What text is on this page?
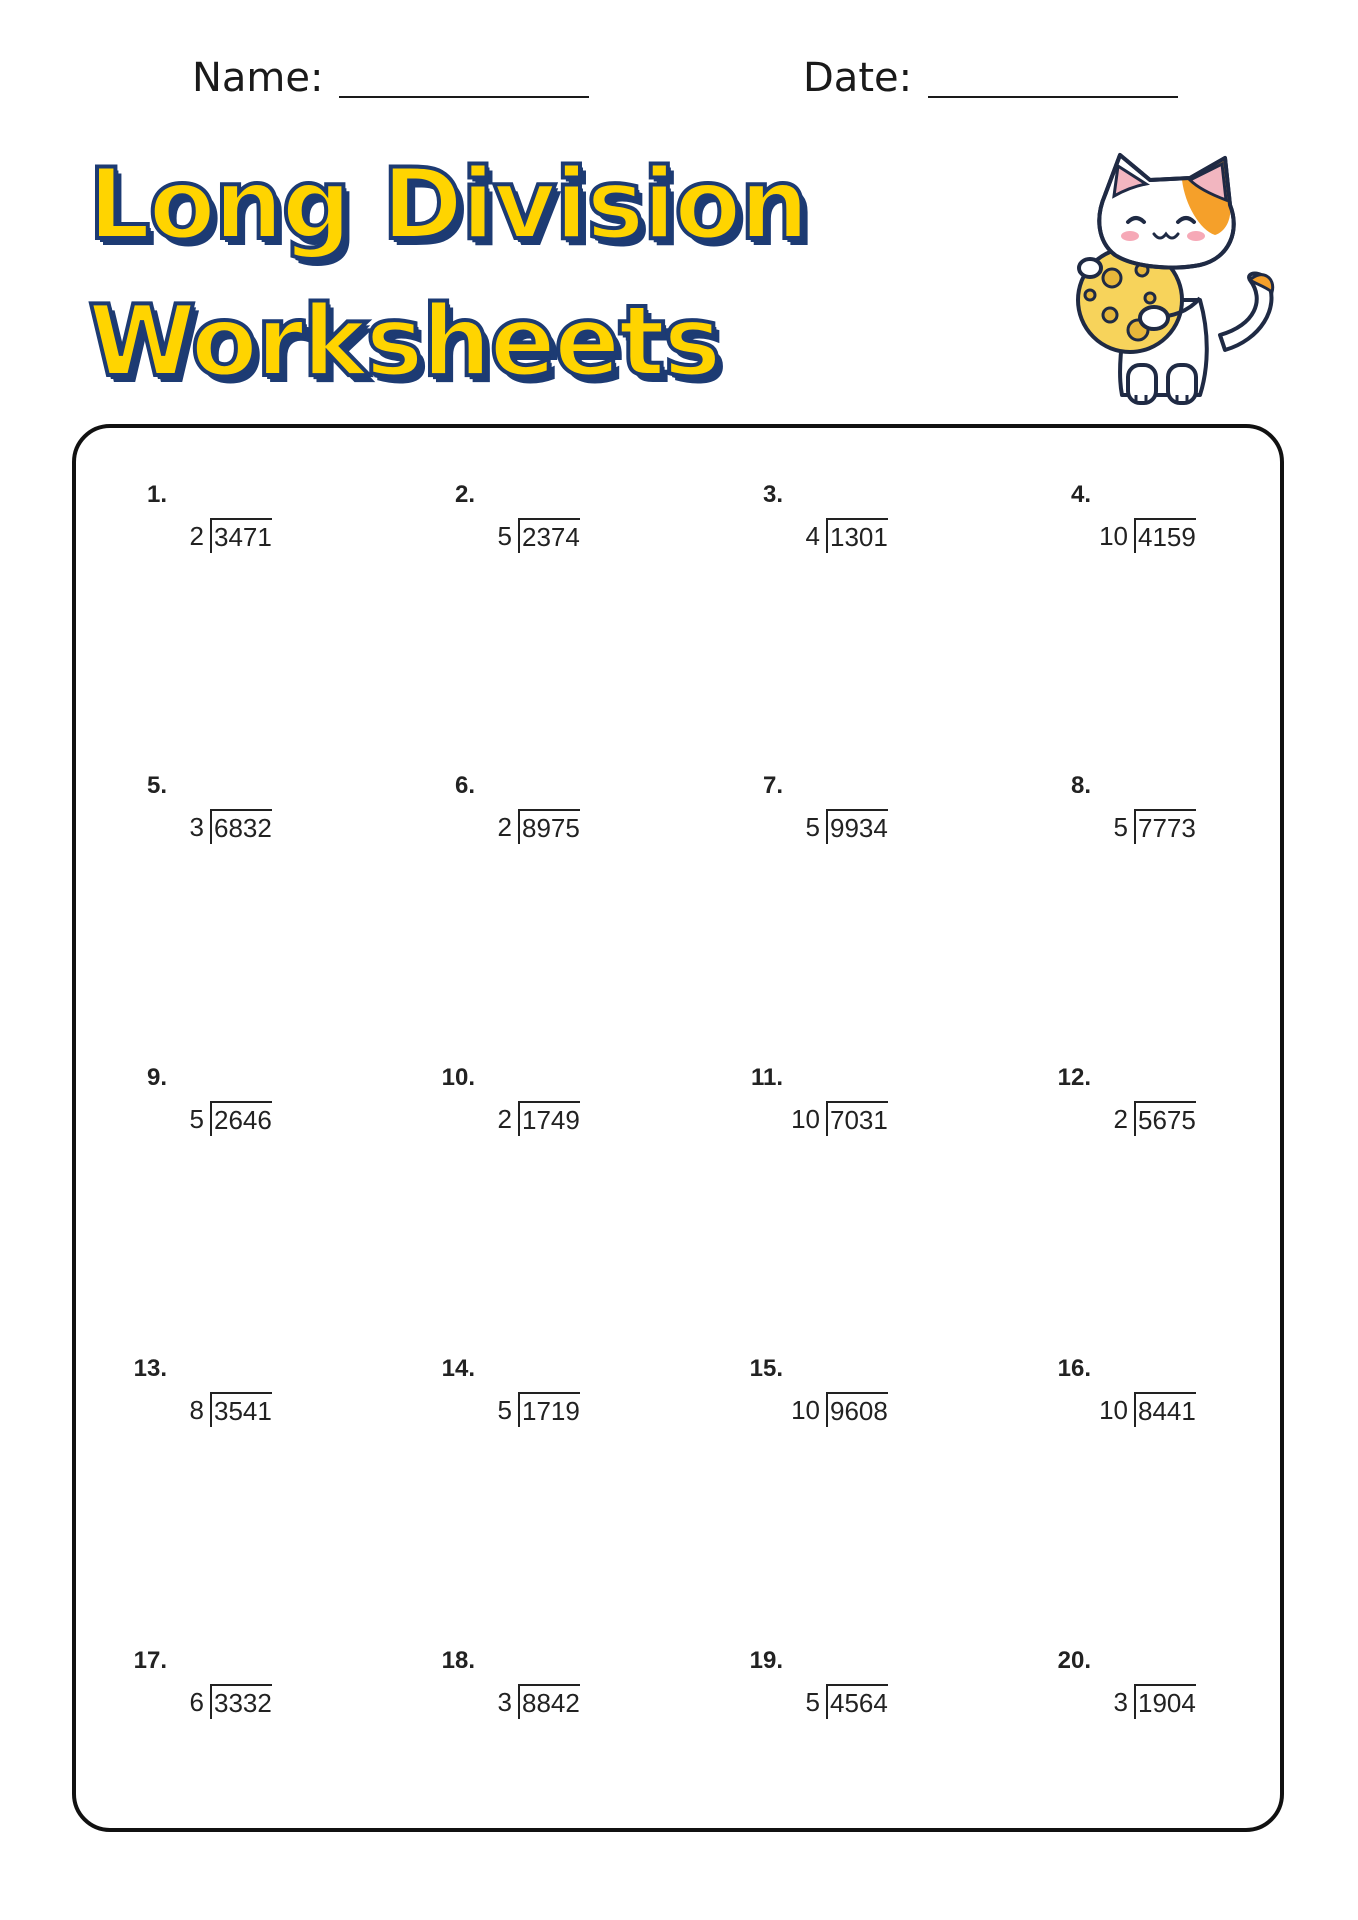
Name:	Date:
Long Division
Worksheets
1.
2 3471
2.
5 2374
3.
4 1301
4.
10 4159
5.
3 6832
6.
2 8975
7.
5 9934
8.
5 7773
9.
5 2646
10.
2 1749
11.
10 7031
12.
2 5675
13.
8 3541
14.
5 1719
15.
10 9608
16.
10 8441
17.
6 3332
18.
3 8842
19.
5 4564
20.
3 1904
